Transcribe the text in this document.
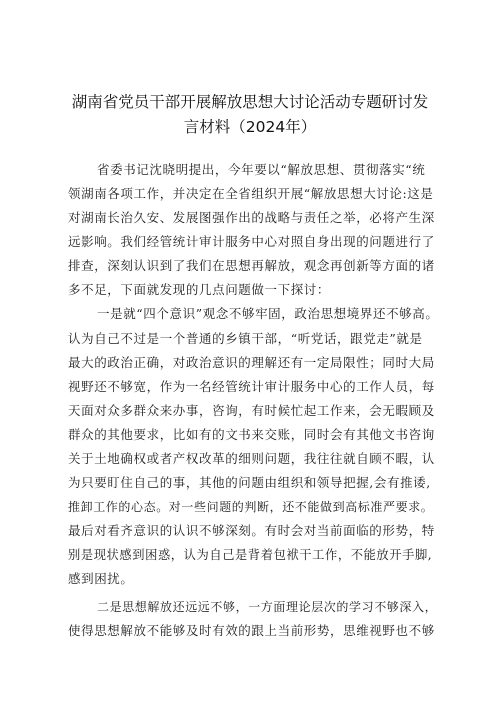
湖南省党员干部开展解放思想大讨论活动专题研讨发
言材料（2024年）
省委书记沈晓明提出，今年要以“解放思想、贯彻落实“统
领湖南各项工作，并决定在全省组织开展“解放思想大讨论:这是
对湖南长治久安、发展图强作出的战略与责任之举，必将产生深
远影响。我们经管统计审计服务中心对照自身出现的问题进行了
排查，深刻认识到了我们在思想再解放，观念再创新等方面的诸
多不足，下面就发现的几点问题做一下探讨：
一是就“四个意识”观念不够牢固，政治思想境界还不够高。
认为自己不过是一个普通的乡镇干部，“听党话，跟党走”就是
最大的政治正确，对政治意识的理解还有一定局限性；同时大局
视野还不够宽，作为一名经管统计审计服务中心的工作人员，每
天面对众多群众来办事，咨询，有时候忙起工作来，会无暇顾及
群众的其他要求，比如有的文书来交账，同时会有其他文书咨询
关于土地确权或者产权改革的细则问题，我往往就自顾不暇，认
为只要盯住自己的事，其他的问题由组织和领导把握,会有推诿,
推卸工作的心态。对一些问题的判断，还不能做到高标准严要求。
最后对看齐意识的认识不够深刻。有时会对当前面临的形势，特
别是现状感到困惑，认为自己是背着包袱干工作，不能放开手脚,
感到困扰。
二是思想解放还远远不够，一方面理论层次的学习不够深入，
使得思想解放不能够及时有效的跟上当前形势，思维视野也不够
